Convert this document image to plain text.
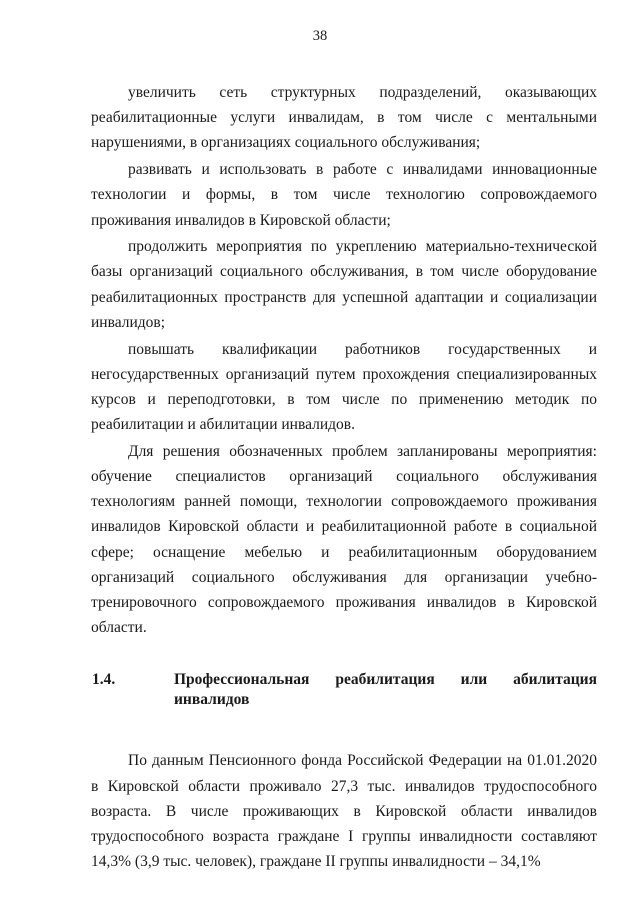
38

увеличить сеть структурных подразделений, оказывающих реабилитационные услуги инвалидам, в том числе с ментальными нарушениями, в организациях социального обслуживания;

развивать и использовать в работе с инвалидами инновационные технологии и формы, в том числе технологию сопровождаемого проживания инвалидов в Кировской области;

продолжить мероприятия по укреплению материально-технической базы организаций социального обслуживания, в том числе оборудование реабилитационных пространств для успешной адаптации и социализации инвалидов;

повышать квалификации работников государственных и негосударственных организаций путем прохождения специализированных курсов и переподготовки, в том числе по применению методик по реабилитации и абилитации инвалидов.

Для решения обозначенных проблем запланированы мероприятия: обучение специалистов организаций социального обслуживания технологиям ранней помощи, технологии сопровождаемого проживания инвалидов Кировской области и реабилитационной работе в социальной сфере; оснащение мебелью и реабилитационным оборудованием организаций социального обслуживания для организации учебно-тренировочного сопровождаемого проживания инвалидов в Кировской области.

1.4.	Профессиональная реабилитация или абилитация инвалидов

По данным Пенсионного фонда Российской Федерации на 01.01.2020 в Кировской области проживало 27,3 тыс. инвалидов трудоспособного возраста. В числе проживающих в Кировской области инвалидов трудоспособного возраста граждане I группы инвалидности составляют 14,3% (3,9 тыс. человек), граждане II группы инвалидности – 34,1%
